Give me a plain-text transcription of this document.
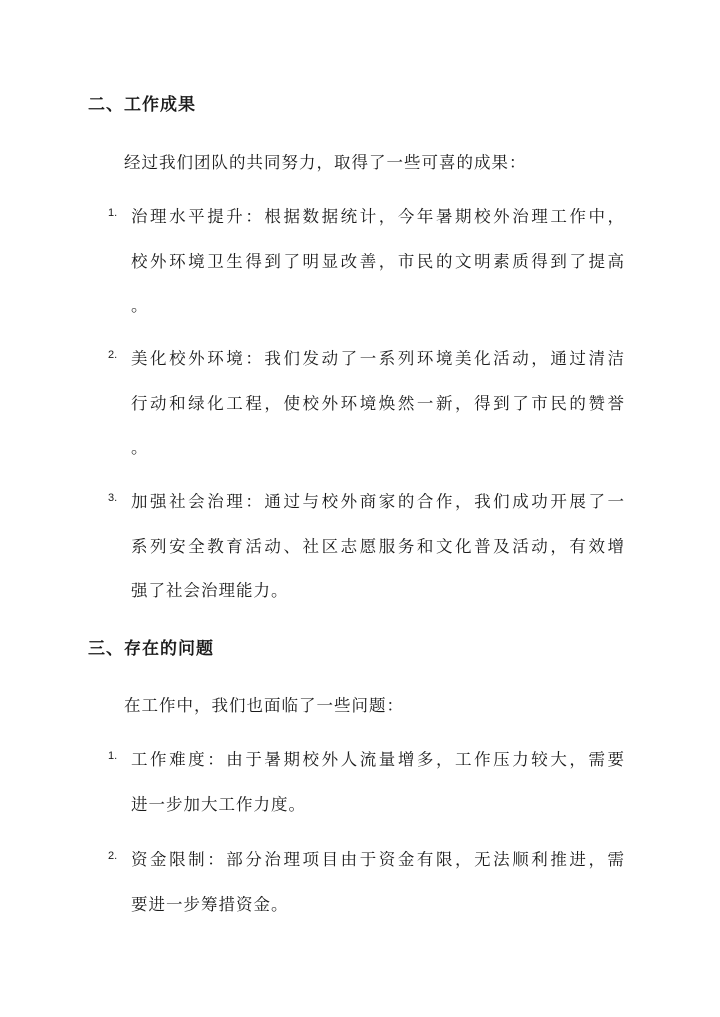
二、工作成果

经过我们团队的共同努力，取得了一些可喜的成果：

1. 治理水平提升：根据数据统计，今年暑期校外治理工作中，
校外环境卫生得到了明显改善，市民的文明素质得到了提高
。
2. 美化校外环境：我们发动了一系列环境美化活动，通过清洁
行动和绿化工程，使校外环境焕然一新，得到了市民的赞誉
。
3. 加强社会治理：通过与校外商家的合作，我们成功开展了一
系列安全教育活动、社区志愿服务和文化普及活动，有效增
强了社会治理能力。
三、存在的问题

在工作中，我们也面临了一些问题：

1. 工作难度：由于暑期校外人流量增多，工作压力较大，需要
进一步加大工作力度。
2. 资金限制：部分治理项目由于资金有限，无法顺利推进，需
要进一步筹措资金。
